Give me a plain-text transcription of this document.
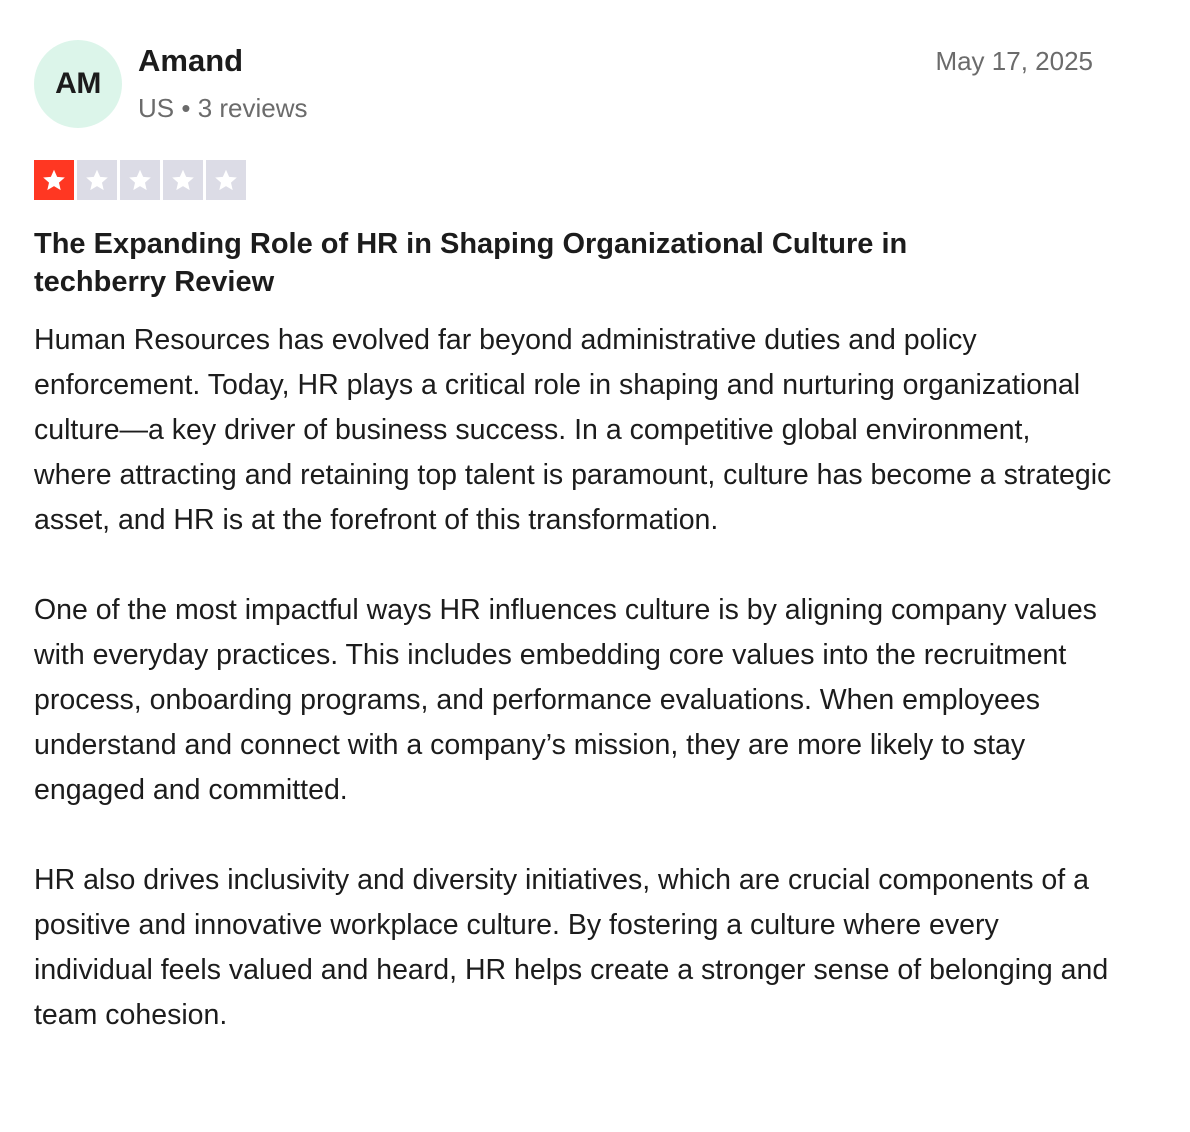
AM
Amand
US • 3 reviews
May 17, 2025
The Expanding Role of HR in Shaping Organizational Culture in techberry Review

Human Resources has evolved far beyond administrative duties and policy enforcement. Today, HR plays a critical role in shaping and nurturing organizational culture—a key driver of business success. In a competitive global environment, where attracting and retaining top talent is paramount, culture has become a strategic asset, and HR is at the forefront of this transformation.

One of the most impactful ways HR influences culture is by aligning company values with everyday practices. This includes embedding core values into the recruitment process, onboarding programs, and performance evaluations. When employees understand and connect with a company’s mission, they are more likely to stay engaged and committed.

HR also drives inclusivity and diversity initiatives, which are crucial components of a positive and innovative workplace culture. By fostering a culture where every individual feels valued and heard, HR helps create a stronger sense of belonging and team cohesion.
